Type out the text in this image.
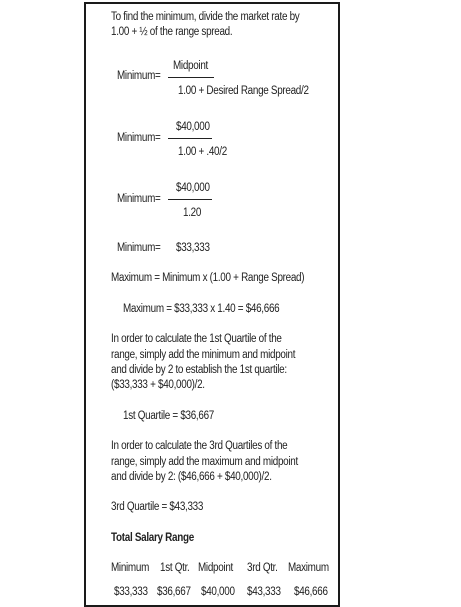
To find the minimum, divide the market rate by
1.00 + ½ of the range spread.
Minimum=
Midpoint
1.00 + Desired Range Spread/2
Minimum=
$40,000
1.00 + .40/2
Minimum=
$40,000
1.20
Minimum= $33,333
Maximum = Minimum x (1.00 + Range Spread)
Maximum = $33,333 x 1.40 = $46,666
In order to calculate the 1st Quartile of the
range, simply add the minimum and midpoint
and divide by 2 to establish the 1st quartile:
($33,333 + $40,000)/2.
1st Quartile = $36,667
In order to calculate the 3rd Quartiles of the
range, simply add the maximum and midpoint
and divide by 2: ($46,666 + $40,000)/2.
3rd Quartile = $43,333
Total Salary Range
Minimum 1st Qtr. Midpoint 3rd Qtr. Maximum
$33,333 $36,667 $40,000 $43,333 $46,666
